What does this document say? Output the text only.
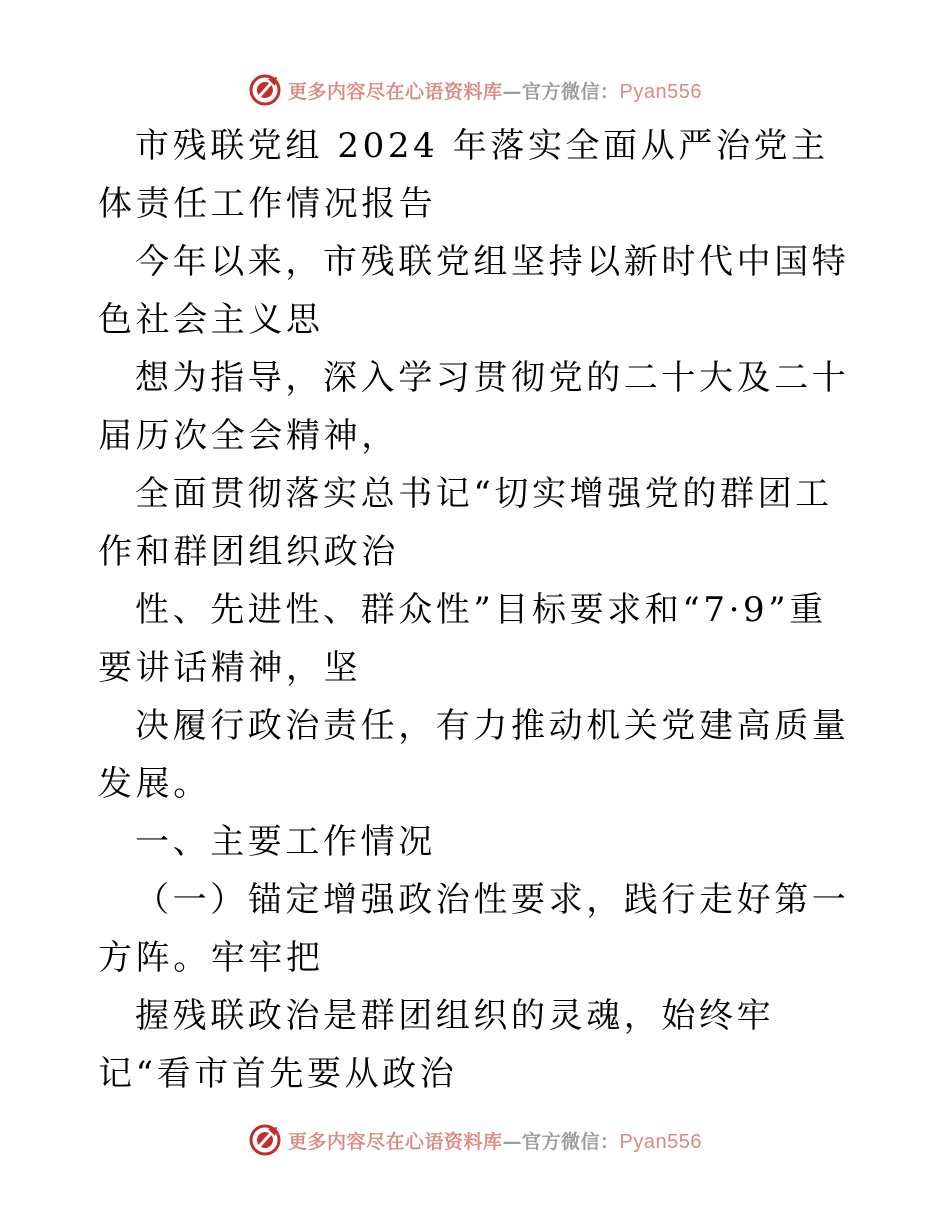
更多内容尽在心语资料库—官方微信：Pyan556

市残联党组 2024 年落实全面从严治党主体责任工作情况报告

今年以来，市残联党组坚持以新时代中国特色社会主义思

想为指导，深入学习贯彻党的二十大及二十届历次全会精神，

全面贯彻落实总书记“切实增强党的群团工作和群团组织政治

性、先进性、群众性”目标要求和“7·9”重要讲话精神，坚

决履行政治责任，有力推动机关党建高质量发展。

一、主要工作情况

（一）锚定增强政治性要求，践行走好第一方阵。牢牢把

握残联政治是群团组织的灵魂，始终牢记“看市首先要从政治

更多内容尽在心语资料库—官方微信：Pyan556
